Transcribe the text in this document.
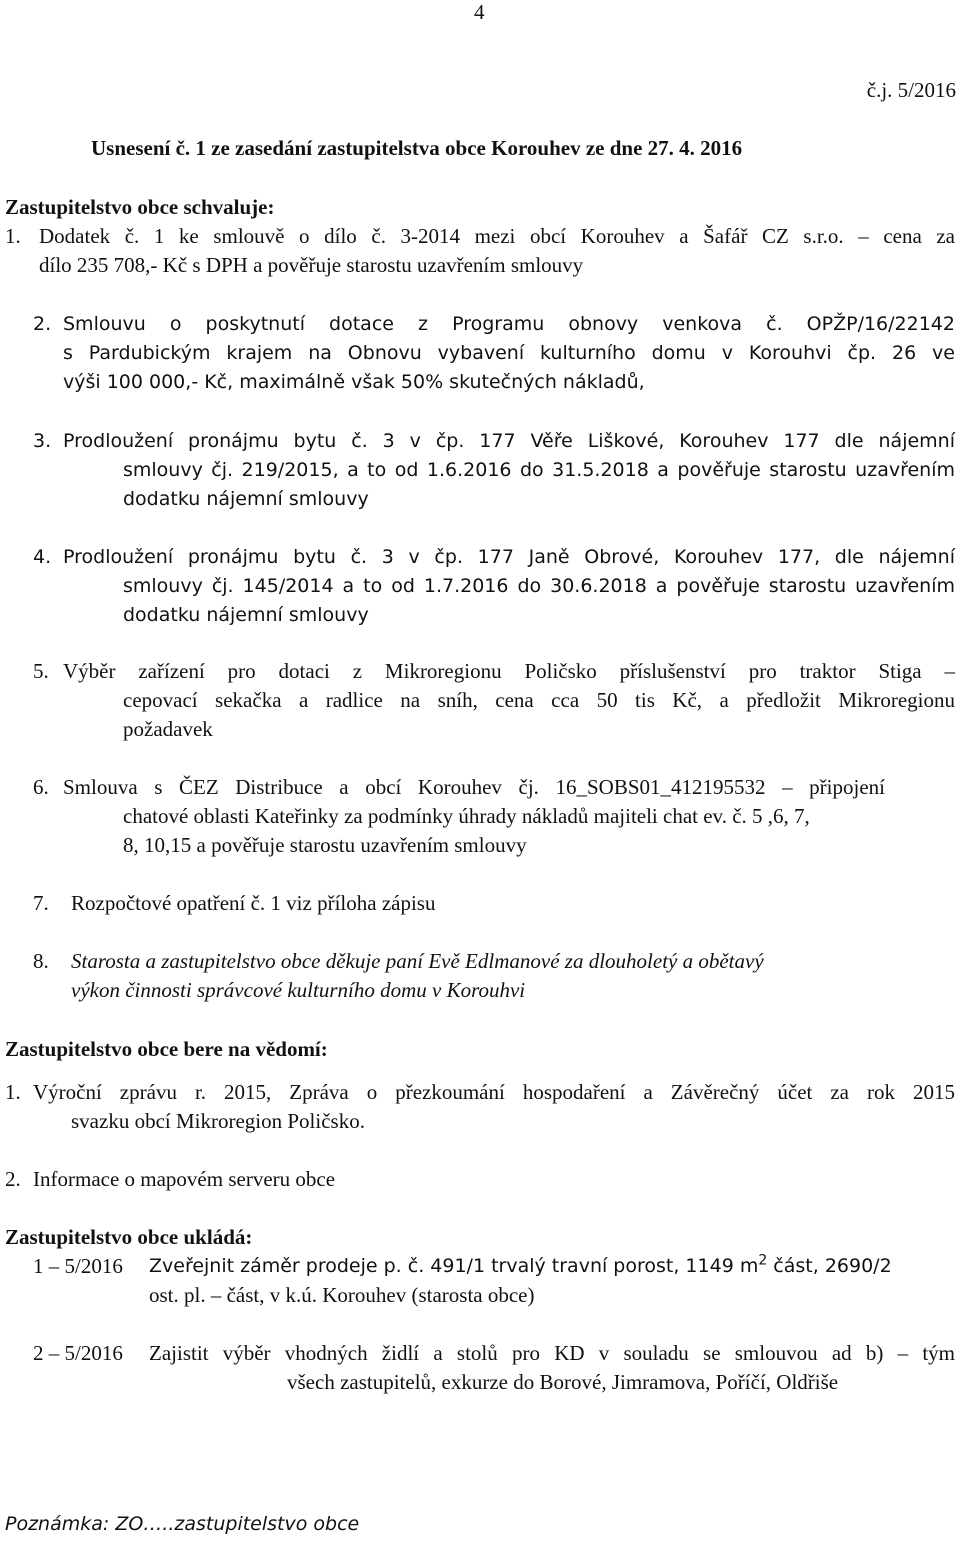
4
č.j. 5/2016
Usnesení č. 1 ze zasedání zastupitelstva obce Korouhev ze dne 27. 4. 2016
Zastupitelstvo obce schvaluje:
1. Dodatek č. 1 ke smlouvě o dílo č. 3-2014 mezi obcí Korouhev a Šafář CZ s.r.o. – cena za
dílo 235 708,- Kč s DPH a pověřuje starostu uzavřením smlouvy
2. Smlouvu o poskytnutí dotace z Programu obnovy venkova č. OPŽP/16/22142
s Pardubickým krajem na Obnovu vybavení kulturního domu v Korouhvi čp. 26 ve
výši 100 000,- Kč, maximálně však 50% skutečných nákladů,
3. Prodloužení pronájmu bytu č. 3 v čp. 177 Věře Liškové, Korouhev 177 dle nájemní
smlouvy čj. 219/2015, a to od 1.6.2016 do 31.5.2018 a pověřuje starostu uzavřením
dodatku nájemní smlouvy
4. Prodloužení pronájmu bytu č. 3 v čp. 177 Janě Obrové, Korouhev 177, dle nájemní
smlouvy čj. 145/2014 a to od 1.7.2016 do 30.6.2018 a pověřuje starostu uzavřením
dodatku nájemní smlouvy
5. Výběr zařízení pro dotaci z Mikroregionu Poličsko příslušenství pro traktor Stiga –
cepovací sekačka a radlice na sníh, cena cca 50 tis Kč, a předložit Mikroregionu
požadavek
6. Smlouva s ČEZ Distribuce a obcí Korouhev čj. 16_SOBS01_412195532 – připojení
chatové oblasti Kateřinky za podmínky úhrady nákladů majiteli chat ev. č. 5 ,6, 7,
8, 10,15 a pověřuje starostu uzavřením smlouvy
7. Rozpočtové opatření č. 1 viz příloha zápisu
8. Starosta a zastupitelstvo obce děkuje paní Evě Edlmanové za dlouholetý a obětavý
výkon činnosti správcové kulturního domu v Korouhvi
Zastupitelstvo obce bere na vědomí:
1. Výroční zprávu r. 2015, Zpráva o přezkoumání hospodaření a Závěrečný účet za rok 2015
svazku obcí Mikroregion Poličsko.
2. Informace o mapovém serveru obce
Zastupitelstvo obce ukládá:
1 – 5/2016 Zveřejnit záměr prodeje p. č. 491/1 trvalý travní porost, 1149 $m^2$ část, 2690/2
ost. pl. – část, v k.ú. Korouhev (starosta obce)
2 – 5/2016 Zajistit výběr vhodných židlí a stolů pro KD v souladu se smlouvou ad b) – tým
všech zastupitelů, exkurze do Borové, Jimramova, Poříčí, Oldřiše
Poznámka: ZO…..zastupitelstvo obce
